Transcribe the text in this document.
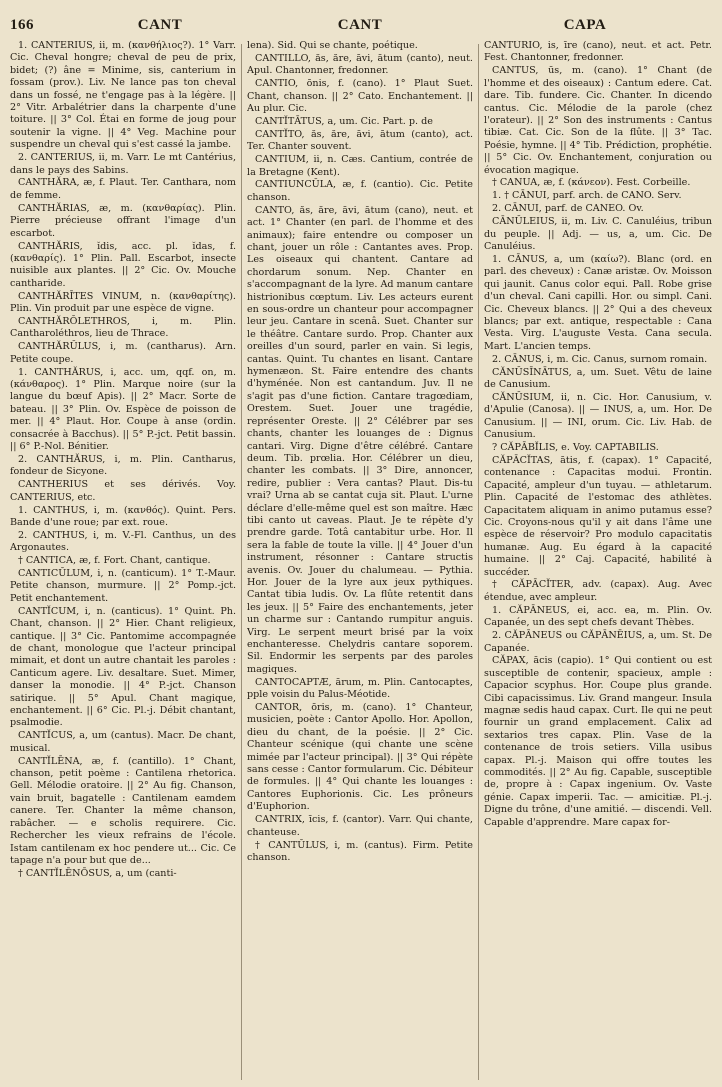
166	CANT	CANT	CAPA

1. CANTERIUS, ii, m. (κανθήλιος?). 1° Varr. Cic. Cheval hongre; cheval de peu de prix, bidet; (?) âne = Minime, sis, canterium in fossam (prov.). Liv. Ne lance pas ton cheval dans un fossé, ne t'engage pas à la légère. || 2° Vitr. Arbalétrier dans la charpente d'une toiture. || 3° Col. Étai en forme de joug pour soutenir la vigne. || 4° Veg. Machine pour suspendre un cheval qui s'est cassé la jambe.

2. CANTERIUS, ii, m. Varr. Le mt Cantérius, dans le pays des Sabins.

CANTHĂRA, æ, f. Plaut. Ter. Canthara, nom de femme.

CANTHĂRIAS, æ, m. (κανθαρίας). Plin. Pierre précieuse offrant l'image d'un escarbot.

CANTHĂRIS, ĭdis, acc. pl. ĭdas, f. (κανθαρίς). 1° Plin. Pall. Escarbot, insecte nuisible aux plantes. || 2° Cic. Ov. Mouche cantharide.

CANTHĂRĪTES VINUM, n. (κανθαρίτης). Plin. Vin produit par une espèce de vigne.

CANTHĂRŎLETHROS, i, m. Plin. Cantharoléthros, lieu de Thrace.

CANTHĂRŬLUS, i, m. (cantharus). Arn. Petite coupe.

1. CANTHĂRUS, i, acc. um, qqf. on, m. (κάνθαρος). 1° Plin. Marque noire (sur la langue du bœuf Apis). || 2° Macr. Sorte de bateau. || 3° Plin. Ov. Espèce de poisson de mer. || 4° Plaut. Hor. Coupe à anse (ordin. consacrée à Bacchus). || 5° P.-jct. Petit bassin. || 6° P.-Nol. Bénitier.

2. CANTHĂRUS, i, m. Plin. Cantharus, fondeur de Sicyone.

CANTHERIUS et ses dérivés. Voy. CANTERIUS, etc.

1. CANTHUS, i, m. (κανθός). Quint. Pers. Bande d'une roue; par ext. roue.

2. CANTHUS, i, m. V.-Fl. Canthus, un des Argonautes.

† CANTICA, æ, f. Fort. Chant, cantique.

CANTICŬLUM, i, n. (canticum). 1° T.-Maur. Petite chanson, murmure. || 2° Pomp.-jct. Petit enchantement.

CANTĬCUM, i, n. (canticus). 1° Quint. Ph. Chant, chanson. || 2° Hier. Chant religieux, cantique. || 3° Cic. Pantomime accompagnée de chant, monologue que l'acteur principal mimait, et dont un autre chantait les paroles : Canticum agere. Liv. desaltare. Suet. Mimer, danser la monodie. || 4° P.-jct. Chanson satirique. || 5° Apul. Chant magique, enchantement. || 6° Cic. Pl.-j. Débit chantant, psalmodie.

CANTĬCUS, a, um (cantus). Macr. De chant, musical.

CANTĬLĒNA, æ, f. (cantillo). 1° Chant, chanson, petit poème : Cantilena rhetorica. Gell. Mélodie oratoire. || 2° Au fig. Chanson, vain bruit, bagatelle : Cantilenam eamdem canere. Ter. Chanter la même chanson, rabâcher. — e scholis requirere. Cic. Rechercher les vieux refrains de l'école. Istam cantilenam ex hoc pendere ut... Cic. Ce tapage n'a pour but que de...

† CANTĬLĒNŌSUS, a, um (canti-

lena). Sid. Qui se chante, poétique.

CANTILLO, ăs, ăre, āvi, ātum (canto), neut. Apul. Chantonner, fredonner.

CANTIO, ōnis, f. (cano). 1° Plaut Suet. Chant, chanson. || 2° Cato. Enchantement. || Au plur. Cic.

CANTĬTĀTUS, a, um. Cic. Part. p. de

CANTĬTO, ăs, ăre, āvi, ātum (canto), act. Ter. Chanter souvent.

CANTIUM, ii, n. Cæs. Cantium, contrée de la Bretagne (Kent).

CANTIUNCŬLA, æ, f. (cantio). Cic. Petite chanson.

CANTO, ăs, ăre, āvi, ātum (cano), neut. et act. 1° Chanter (en parl. de l'homme et des animaux); faire entendre ou composer un chant, jouer un rôle : Cantantes aves. Prop. Les oiseaux qui chantent. Cantare ad chordarum sonum. Nep. Chanter en s'accompagnant de la lyre. Ad manum cantare histrionibus cœptum. Liv. Les acteurs eurent en sous-ordre un chanteur pour accompagner leur jeu. Cantare in scenâ. Suet. Chanter sur le théâtre. Cantare surdo. Prop. Chanter aux oreilles d'un sourd, parler en vain. Si legis, cantas. Quint. Tu chantes en lisant. Cantare hymenæon. St. Faire entendre des chants d'hyménée. Non est cantandum. Juv. Il ne s'agit pas d'une fiction. Cantare tragœdiam, Orestem. Suet. Jouer une tragédie, représenter Oreste. || 2° Célébrer par ses chants, chanter les louanges de : Dignus cantari. Virg. Digne d'être célébré. Cantare deum. Tib. prœlia. Hor. Célébrer un dieu, chanter les combats. || 3° Dire, annoncer, redire, publier : Vera cantas? Plaut. Dis-tu vrai? Urna ab se cantat cuja sit. Plaut. L'urne déclare d'elle-même quel est son maître. Hæc tibi canto ut caveas. Plaut. Je te répète d'y prendre garde. Totâ cantabitur urbe. Hor. Il sera la fable de toute la ville. || 4° Jouer d'un instrument, résonner : Cantare structis avenis. Ov. Jouer du chalumeau. — Pythia. Hor. Jouer de la lyre aux jeux pythiques. Cantat tibia ludis. Ov. La flûte retentit dans les jeux. || 5° Faire des enchantements, jeter un charme sur : Cantando rumpitur anguis. Virg. Le serpent meurt brisé par la voix enchanteresse. Chelydris cantare soporem. Sil. Endormir les serpents par des paroles magiques.

CANTOCAPTÆ, ārum, m. Plin. Cantocaptes, pple voisin du Palus-Méotide.

CANTOR, ōris, m. (cano). 1° Chanteur, musicien, poète : Cantor Apollo. Hor. Apollon, dieu du chant, de la poésie. || 2° Cic. Chanteur scénique (qui chante une scène mimée par l'acteur principal). || 3° Qui répète sans cesse : Cantor formularum. Cic. Débiteur de formules. || 4° Qui chante les louanges : Cantores Euphorionis. Cic. Les prôneurs d'Euphorion.

CANTRIX, īcis, f. (cantor). Varr. Qui chante, chanteuse.

† CANTŬLUS, i, m. (cantus). Firm. Petite chanson.

CANTŬRIO, is, īre (cano), neut. et act. Petr. Fest. Chantonner, fredonner.

CANTUS, ūs, m. (cano). 1° Chant (de l'homme et des oiseaux) : Cantum edere. Cat. dare. Tib. fundere. Cic. Chanter. In dicendo cantus. Cic. Mélodie de la parole (chez l'orateur). || 2° Son des instruments : Cantus tibiæ. Cat. Cic. Son de la flûte. || 3° Tac. Poésie, hymne. || 4° Tib. Prédiction, prophétie. || 5° Cic. Ov. Enchantement, conjuration ou évocation magique.

† CANUA, æ, f. (κάνεον). Fest. Corbeille.

1. † CĀNUI, parf. arch. de CANO. Serv.

2. CĀNUI, parf. de CANEO. Ov.

CĀNŬLEIUS, ii, m. Liv. C. Canuléius, tribun du peuple. || Adj. — us, a, um. Cic. De Canuléius.

1. CĀNUS, a, um (καίω?). Blanc (ord. en parl. des cheveux) : Canæ aristæ. Ov. Moisson qui jaunit. Canus color equi. Pall. Robe grise d'un cheval. Cani capilli. Hor. ou simpl. Cani. Cic. Cheveux blancs. || 2° Qui a des cheveux blancs; par ext. antique, respectable : Cana Vesta. Virg. L'auguste Vesta. Cana secula. Mart. L'ancien temps.

2. CĀNUS, i, m. Cic. Canus, surnom romain.

CĂNŬSĪNĀTUS, a, um. Suet. Vêtu de laine de Canusium.

CĂNŬSIUM, ii, n. Cic. Hor. Canusium, v. d'Apulie (Canosa). || — INUS, a, um. Hor. De Canusium. || — INI, orum. Cic. Liv. Hab. de Canusium.

? CĂPĀBĬLIS, e. Voy. CAPTABILIS.

CĂPĀCĬTAS, ātis, f. (capax). 1° Capacité, contenance : Capacitas modui. Frontin. Capacité, ampleur d'un tuyau. — athletarum. Plin. Capacité de l'estomac des athlètes. Capacitatem aliquam in animo putamus esse? Cic. Croyons-nous qu'il y ait dans l'âme une espèce de réservoir? Pro modulo capacitatis humanæ. Aug. Eu égard à la capacité humaine. || 2° Caj. Capacité, habilité à succéder.

† CĂPĀCĬTER, adv. (capax). Aug. Avec étendue, avec ampleur.

1. CĂPĀNEUS, ei, acc. ea, m. Plin. Ov. Capanée, un des sept chefs devant Thèbes.

2. CĂPĀNEUS ou CĂPĀNĒIUS, a, um. St. De Capanée.

CĂPAX, ācis (capio). 1° Qui contient ou est susceptible de contenir, spacieux, ample : Capacior scyphus. Hor. Coupe plus grande. Cibi capacissimus. Liv. Grand mangeur. Insula magnæ sedis haud capax. Curt. Ile qui ne peut fournir un grand emplacement. Calix ad sextarios tres capax. Plin. Vase de la contenance de trois setiers. Villa usibus capax. Pl.-j. Maison qui offre toutes les commodités. || 2° Au fig. Capable, susceptible de, propre à : Capax ingenium. Ov. Vaste génie. Capax imperii. Tac. — amicitiæ. Pl.-j. Digne du trône, d'une amitié. — discendi. Vell. Capable d'apprendre. Mare capax for-
